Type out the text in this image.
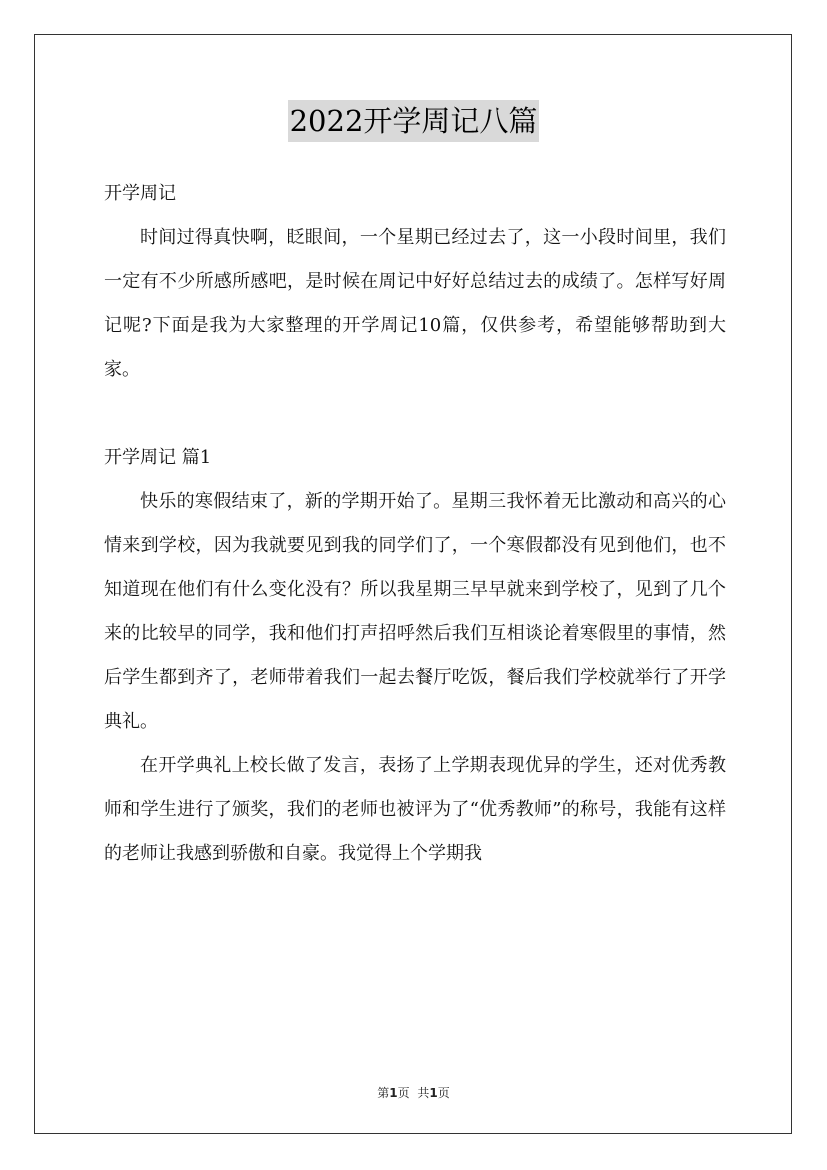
2022开学周记八篇

开学周记

时间过得真快啊，眨眼间，一个星期已经过去了，这一小段时间里，我们一定有不少所感所感吧，是时候在周记中好好总结过去的成绩了。怎样写好周记呢?下面是我为大家整理的开学周记10篇，仅供参考，希望能够帮助到大家。

开学周记 篇1

快乐的寒假结束了，新的学期开始了。星期三我怀着无比激动和高兴的心情来到学校，因为我就要见到我的同学们了，一个寒假都没有见到他们，也不知道现在他们有什么变化没有？所以我星期三早早就来到学校了，见到了几个来的比较早的同学，我和他们打声招呼然后我们互相谈论着寒假里的事情，然后学生都到齐了，老师带着我们一起去餐厅吃饭，餐后我们学校就举行了开学典礼。

在开学典礼上校长做了发言，表扬了上学期表现优异的学生，还对优秀教师和学生进行了颁奖，我们的老师也被评为了“优秀教师”的称号，我能有这样的老师让我感到骄傲和自豪。我觉得上个学期我

第1页 共1页
